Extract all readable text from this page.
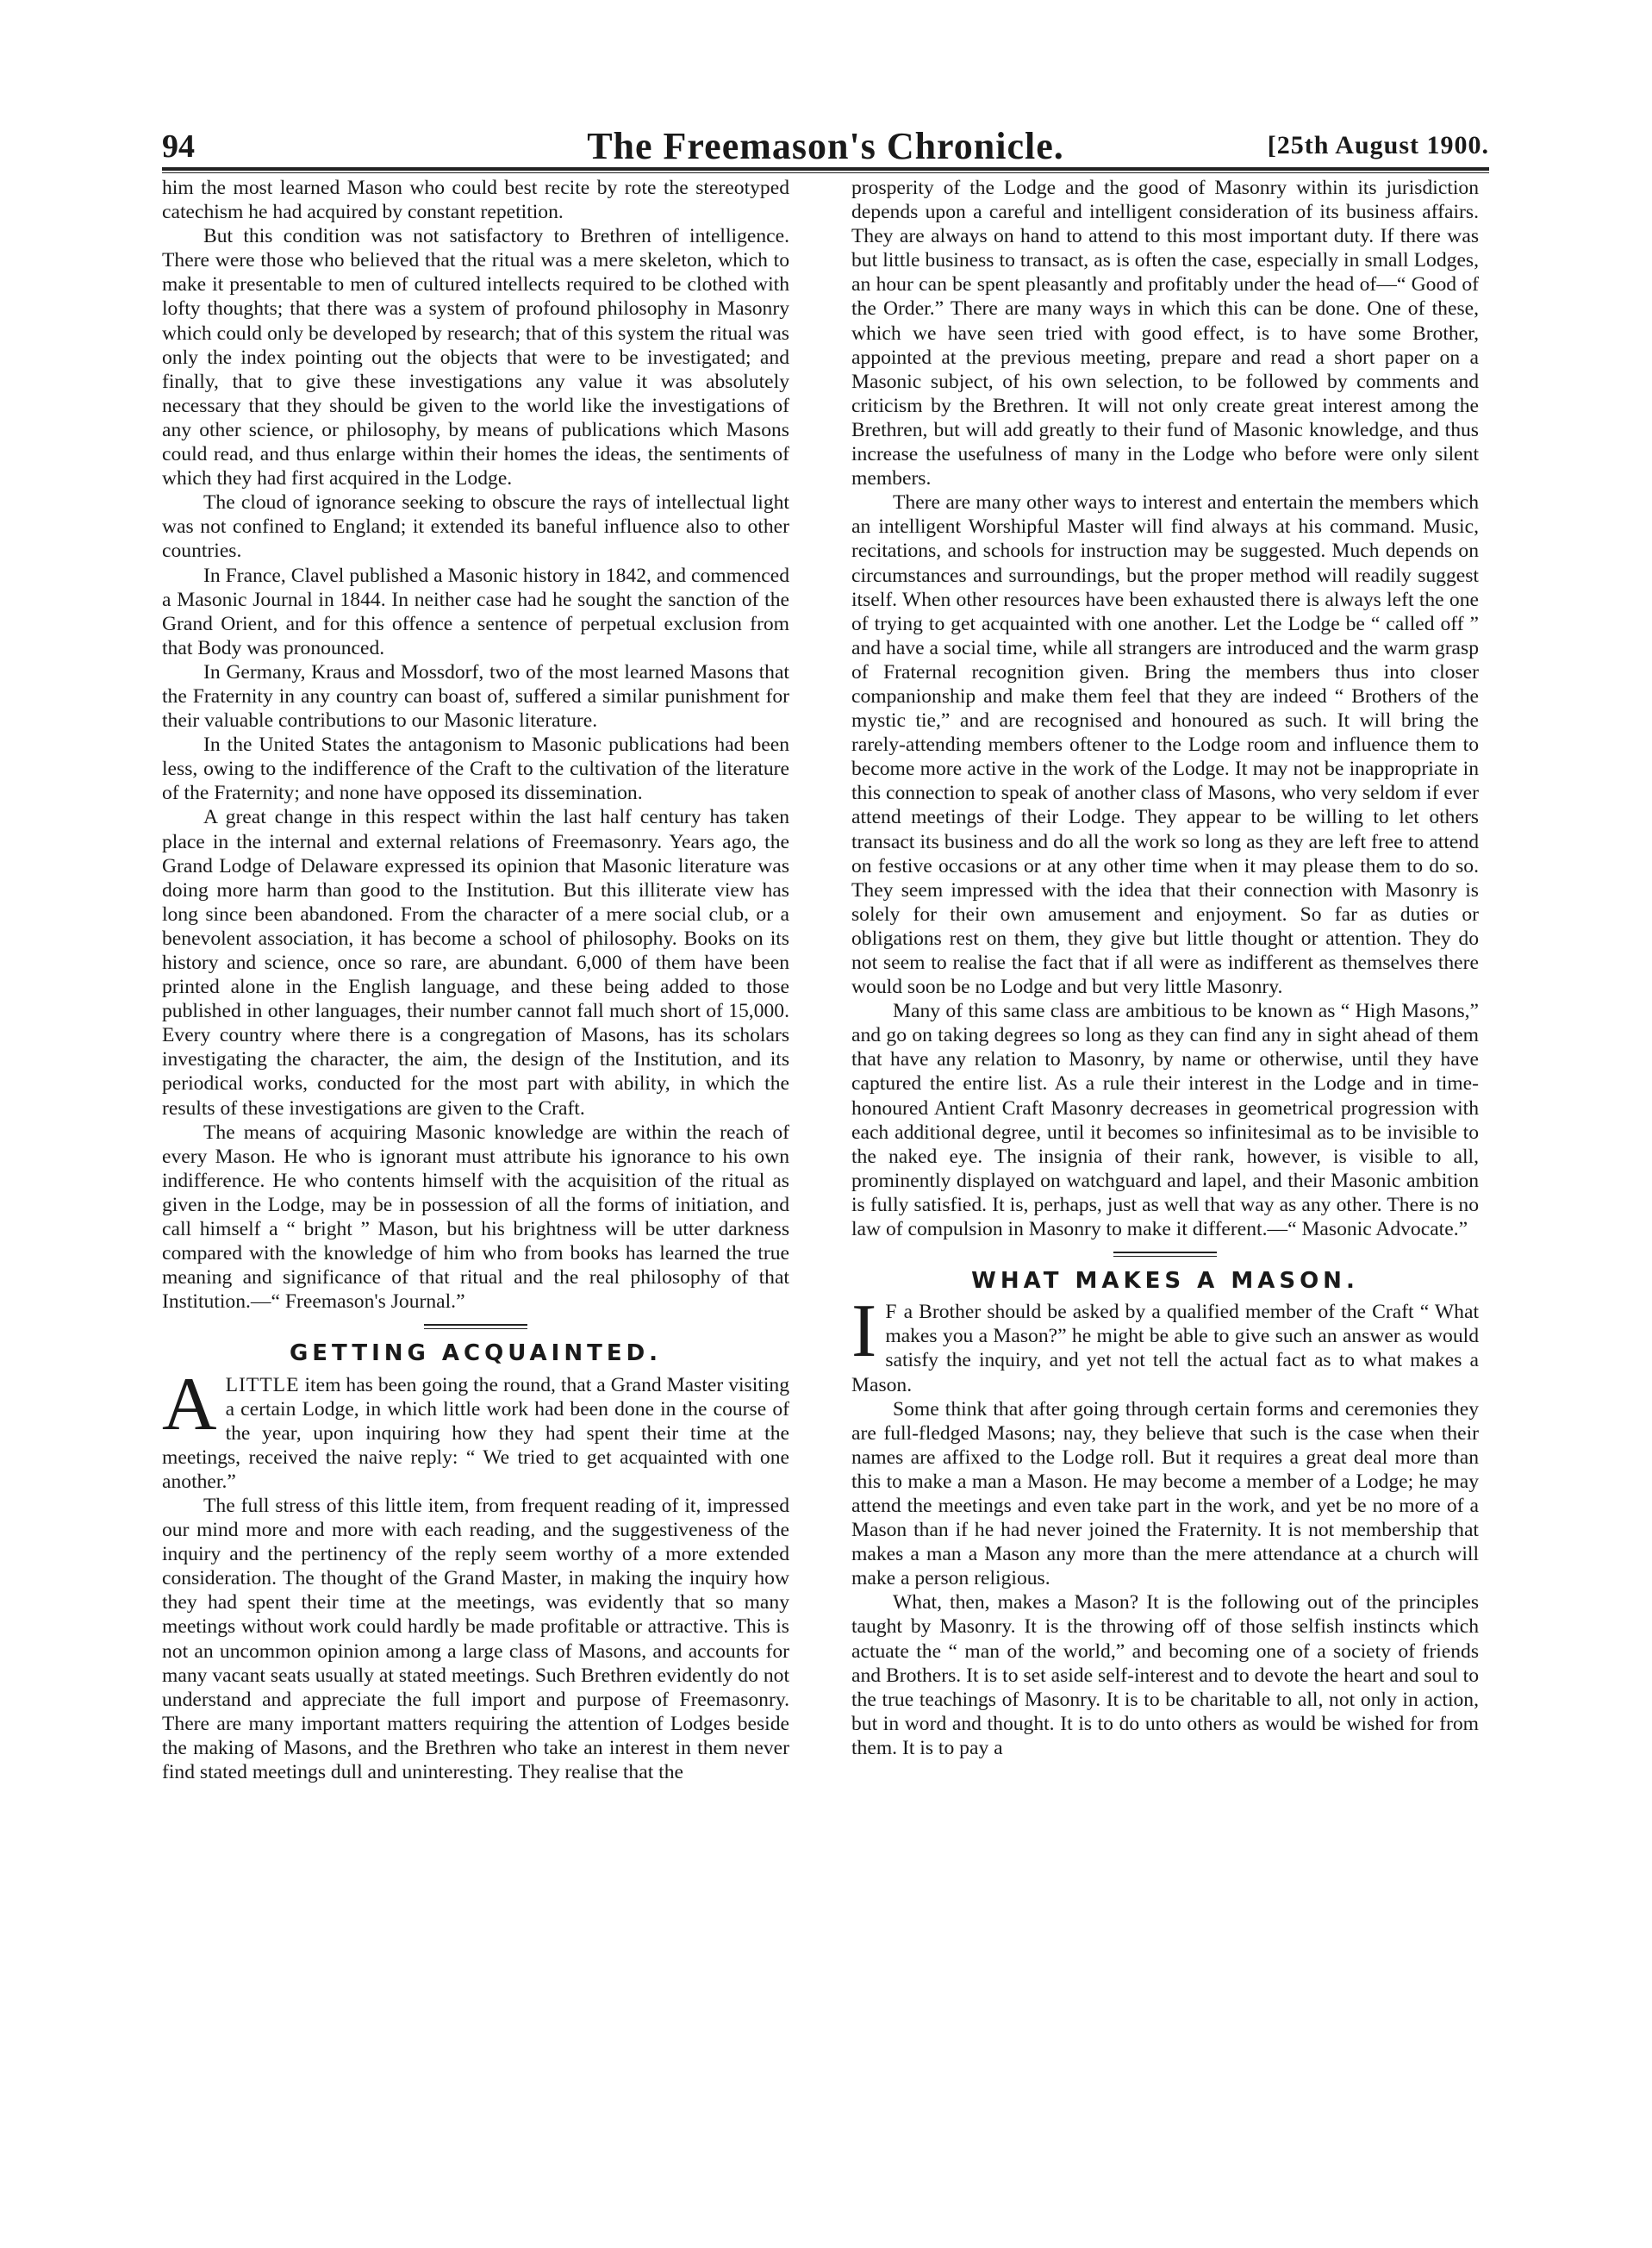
94	The Freemason's Chronicle.	[25th August 1900.

him the most learned Mason who could best recite by rote the stereotyped catechism he had acquired by constant repetition.

But this condition was not satisfactory to Brethren of intelligence. There were those who believed that the ritual was a mere skeleton, which to make it presentable to men of cultured intellects required to be clothed with lofty thoughts; that there was a system of profound philosophy in Masonry which could only be developed by research; that of this system the ritual was only the index pointing out the objects that were to be investigated; and finally, that to give these investigations any value it was absolutely necessary that they should be given to the world like the investigations of any other science, or philosophy, by means of publications which Masons could read, and thus enlarge within their homes the ideas, the sentiments of which they had first acquired in the Lodge.

The cloud of ignorance seeking to obscure the rays of intellectual light was not confined to England; it extended its baneful influence also to other countries.

In France, Clavel published a Masonic history in 1842, and commenced a Masonic Journal in 1844. In neither case had he sought the sanction of the Grand Orient, and for this offence a sentence of perpetual exclusion from that Body was pronounced.

In Germany, Kraus and Mossdorf, two of the most learned Masons that the Fraternity in any country can boast of, suffered a similar punishment for their valuable contributions to our Masonic literature.

In the United States the antagonism to Masonic publications had been less, owing to the indifference of the Craft to the cultivation of the literature of the Fraternity; and none have opposed its dissemination.

A great change in this respect within the last half century has taken place in the internal and external relations of Freemasonry. Years ago, the Grand Lodge of Delaware expressed its opinion that Masonic literature was doing more harm than good to the Institution. But this illiterate view has long since been abandoned. From the character of a mere social club, or a benevolent association, it has become a school of philosophy. Books on its history and science, once so rare, are abundant. 6,000 of them have been printed alone in the English language, and these being added to those published in other languages, their number cannot fall much short of 15,000. Every country where there is a congregation of Masons, has its scholars investigating the character, the aim, the design of the Institution, and its periodical works, conducted for the most part with ability, in which the results of these investigations are given to the Craft.

The means of acquiring Masonic knowledge are within the reach of every Mason. He who is ignorant must attribute his ignorance to his own indifference. He who contents himself with the acquisition of the ritual as given in the Lodge, may be in possession of all the forms of initiation, and call himself a “ bright ” Mason, but his brightness will be utter darkness compared with the knowledge of him who from books has learned the true meaning and significance of that ritual and the real philosophy of that Institution.—“ Freemason's Journal.”

GETTING ACQUAINTED.

ALITTLE item has been going the round, that a Grand Master visiting a certain Lodge, in which little work had been done in the course of the year, upon inquiring how they had spent their time at the meetings, received the naive reply: “ We tried to get acquainted with one another.”

The full stress of this little item, from frequent reading of it, impressed our mind more and more with each reading, and the suggestiveness of the inquiry and the pertinency of the reply seem worthy of a more extended consideration. The thought of the Grand Master, in making the inquiry how they had spent their time at the meetings, was evidently that so many meetings without work could hardly be made profitable or attractive. This is not an uncommon opinion among a large class of Masons, and accounts for many vacant seats usually at stated meetings. Such Brethren evidently do not understand and appreciate the full import and purpose of Freemasonry. There are many important matters requiring the attention of Lodges beside the making of Masons, and the Brethren who take an interest in them never find stated meetings dull and uninteresting. They realise that the

prosperity of the Lodge and the good of Masonry within its jurisdiction depends upon a careful and intelligent consideration of its business affairs. They are always on hand to attend to this most important duty. If there was but little business to transact, as is often the case, especially in small Lodges, an hour can be spent pleasantly and profitably under the head of—“ Good of the Order.” There are many ways in which this can be done. One of these, which we have seen tried with good effect, is to have some Brother, appointed at the previous meeting, prepare and read a short paper on a Masonic subject, of his own selection, to be followed by comments and criticism by the Brethren. It will not only create great interest among the Brethren, but will add greatly to their fund of Masonic knowledge, and thus increase the usefulness of many in the Lodge who before were only silent members.

There are many other ways to interest and entertain the members which an intelligent Worshipful Master will find always at his command. Music, recitations, and schools for instruction may be suggested. Much depends on circumstances and surroundings, but the proper method will readily suggest itself. When other resources have been exhausted there is always left the one of trying to get acquainted with one another. Let the Lodge be “ called off ” and have a social time, while all strangers are introduced and the warm grasp of Fraternal recognition given. Bring the members thus into closer companionship and make them feel that they are indeed “ Brothers of the mystic tie,” and are recognised and honoured as such. It will bring the rarely-attending members oftener to the Lodge room and influence them to become more active in the work of the Lodge. It may not be inappropriate in this connection to speak of another class of Masons, who very seldom if ever attend meetings of their Lodge. They appear to be willing to let others transact its business and do all the work so long as they are left free to attend on festive occasions or at any other time when it may please them to do so. They seem impressed with the idea that their connection with Masonry is solely for their own amusement and enjoyment. So far as duties or obligations rest on them, they give but little thought or attention. They do not seem to realise the fact that if all were as indifferent as themselves there would soon be no Lodge and but very little Masonry.

Many of this same class are ambitious to be known as “ High Masons,” and go on taking degrees so long as they can find any in sight ahead of them that have any relation to Masonry, by name or otherwise, until they have captured the entire list. As a rule their interest in the Lodge and in time-honoured Antient Craft Masonry decreases in geometrical progression with each additional degree, until it becomes so infinitesimal as to be invisible to the naked eye. The insignia of their rank, however, is visible to all, prominently displayed on watchguard and lapel, and their Masonic ambition is fully satisfied. It is, perhaps, just as well that way as any other. There is no law of compulsion in Masonry to make it different.—“ Masonic Advocate.”

WHAT MAKES A MASON.

I F a Brother should be asked by a qualified member of the Craft “ What makes you a Mason?” he might be able to give such an answer as would satisfy the inquiry, and yet not tell the actual fact as to what makes a Mason.

Some think that after going through certain forms and ceremonies they are full-fledged Masons; nay, they believe that such is the case when their names are affixed to the Lodge roll. But it requires a great deal more than this to make a man a Mason. He may become a member of a Lodge; he may attend the meetings and even take part in the work, and yet be no more of a Mason than if he had never joined the Fraternity. It is not membership that makes a man a Mason any more than the mere attendance at a church will make a person religious.

What, then, makes a Mason? It is the following out of the principles taught by Masonry. It is the throwing off of those selfish instincts which actuate the “ man of the world,” and becoming one of a society of friends and Brothers. It is to set aside self-interest and to devote the heart and soul to the true teachings of Masonry. It is to be charitable to all, not only in action, but in word and thought. It is to do unto others as would be wished for from them. It is to pay a
